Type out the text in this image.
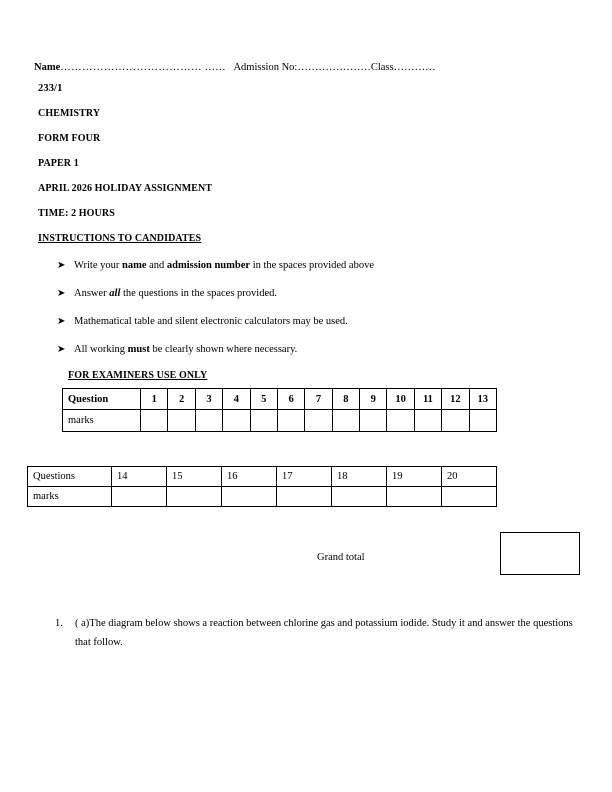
Name………………………………… …… Admission No:…………………Class…………
233/1
CHEMISTRY
FORM FOUR
PAPER 1
APRIL 2026 HOLIDAY ASSIGNMENT
TIME: 2 HOURS
INSTRUCTIONS TO CANDIDATES
➤ Write your name and admission number in the spaces provided above
➤ Answer all the questions in the spaces provided.
➤ Mathematical table and silent electronic calculators may be used.
➤ All working must be clearly shown where necessary.
FOR EXAMINERS USE ONLY
Question	1	2	3	4	5	6	7	8	9	10	11	12	13
marks													
Questions	14	15	16	17	18	19	20
marks							
Grand total
1.	( a)The diagram below shows a reaction between chlorine gas and potassium iodide. Study it and answer the questions that follow.
